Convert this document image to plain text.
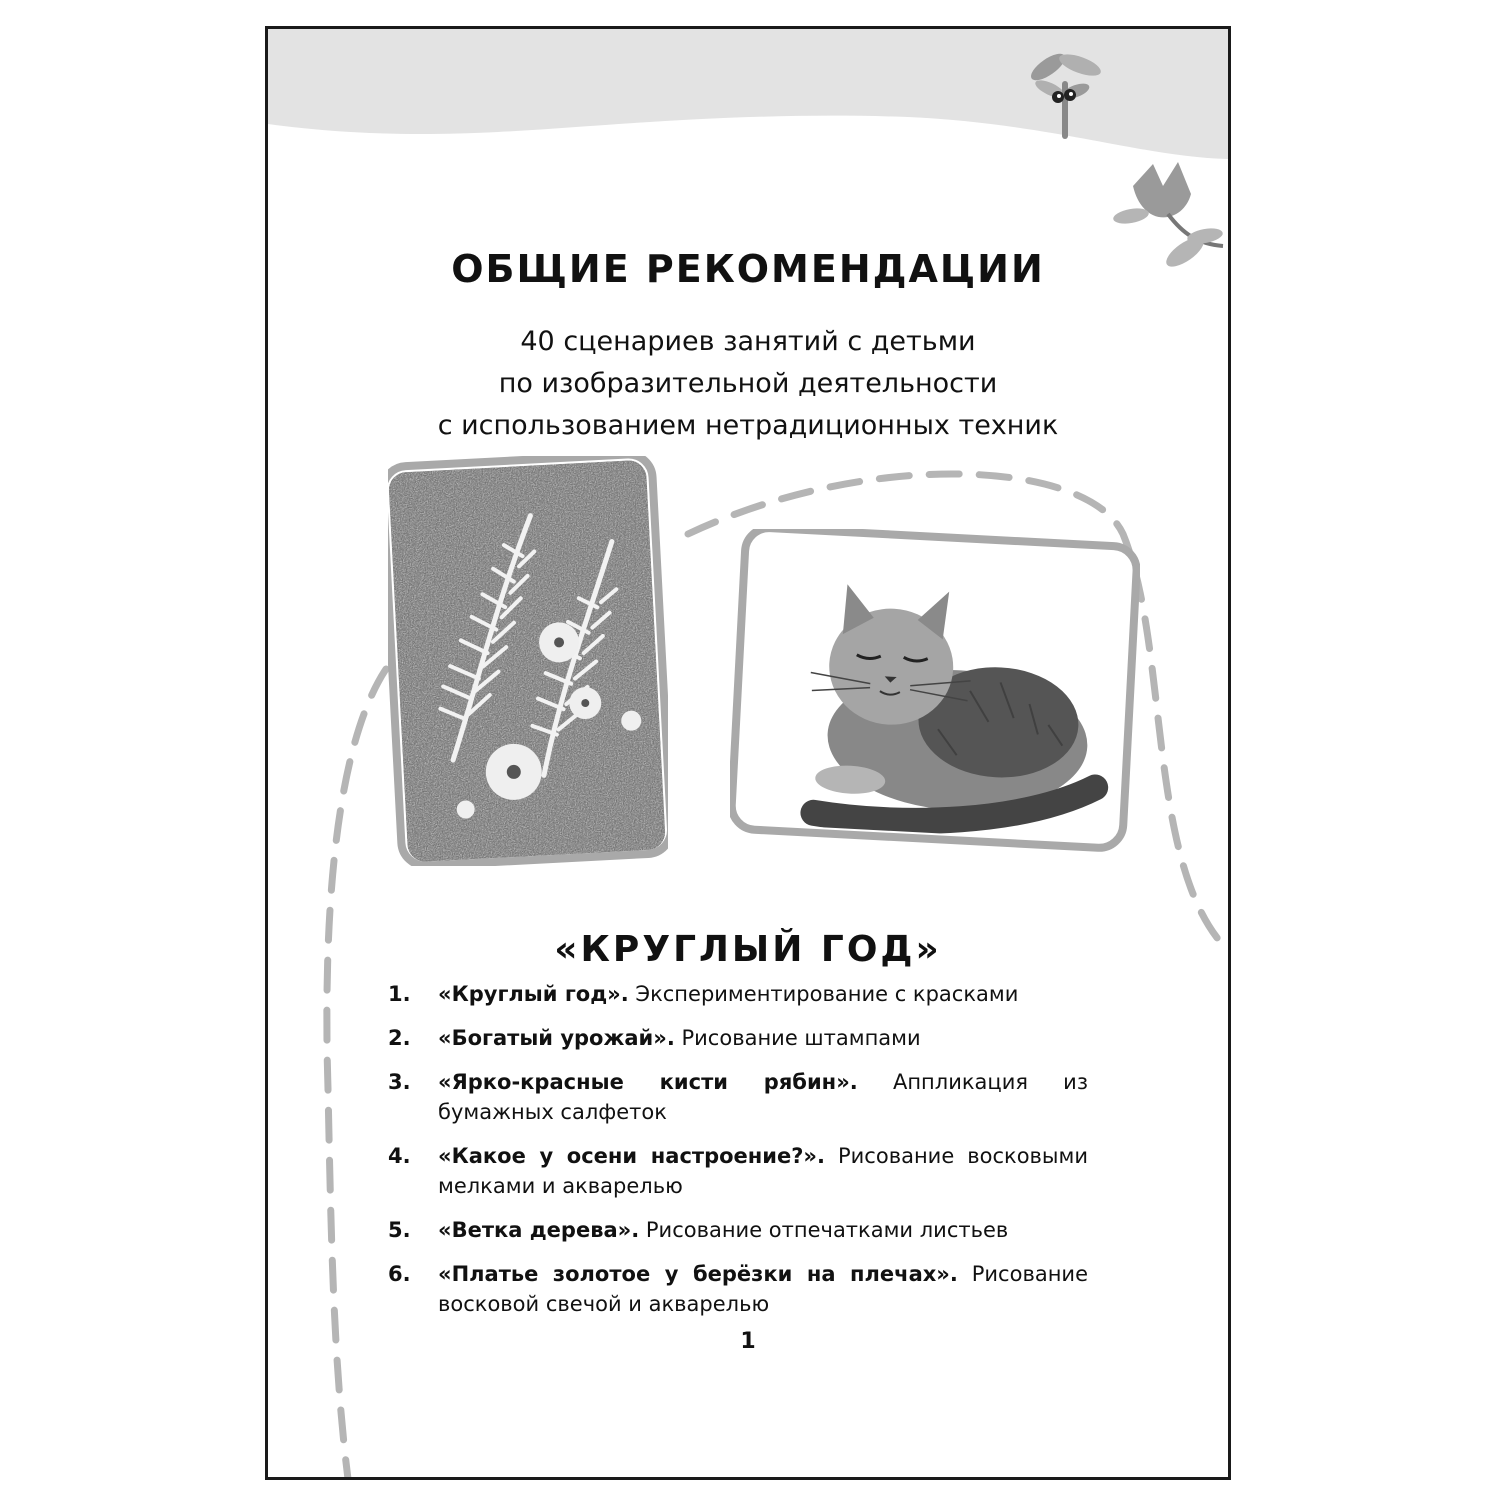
ОБЩИЕ РЕКОМЕНДАЦИИ
40 сценариев занятий с детьми
по изобразительной деятельности
с использованием нетрадиционных техник
«КРУГЛЫЙ ГОД»
1. «Круглый год». Экспериментирование с красками
2. «Богатый урожай». Рисование штампами
3. «Ярко-красные кисти рябин». Аппликация из бумажных салфеток
4. «Какое у осени настроение?». Рисование восковыми мелками и акварелью
5. «Ветка дерева». Рисование отпечатками листьев
6. «Платье золотое у берёзки на плечах». Рисование восковой свечой и акварелью
1
